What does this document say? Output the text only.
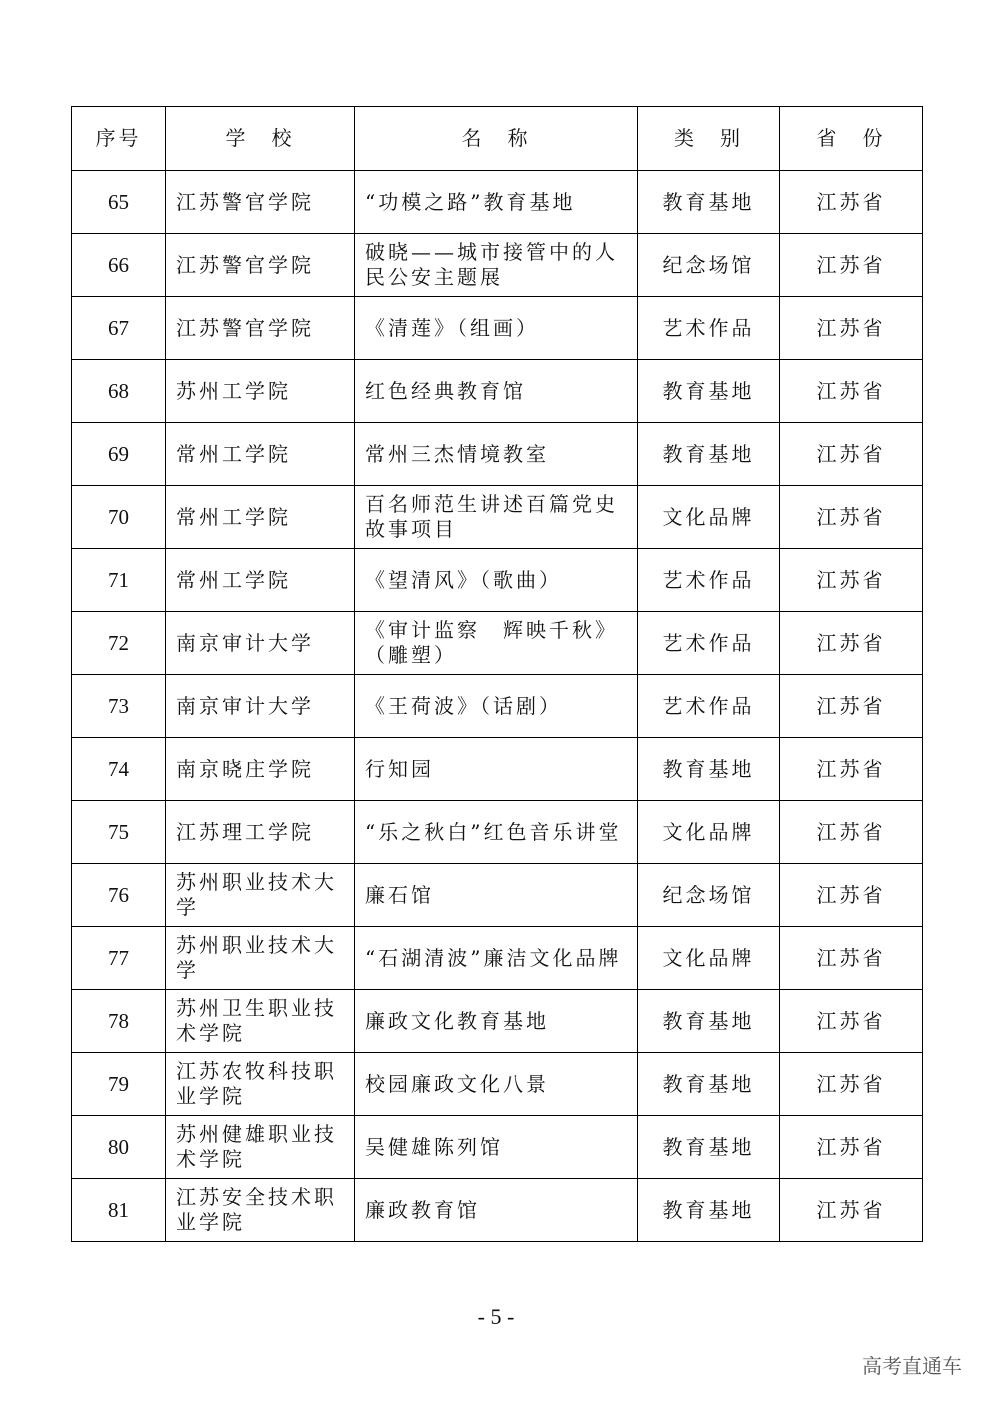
序号	学　校	名　称	类　别	省　份
65	江苏警官学院	“功模之路”教育基地	教育基地	江苏省
66	江苏警官学院	破晓——城市接管中的人民公安主题展	纪念场馆	江苏省
67	江苏警官学院	《清莲》（组画）	艺术作品	江苏省
68	苏州工学院	红色经典教育馆	教育基地	江苏省
69	常州工学院	常州三杰情境教室	教育基地	江苏省
70	常州工学院	百名师范生讲述百篇党史故事项目	文化品牌	江苏省
71	常州工学院	《望清风》（歌曲）	艺术作品	江苏省
72	南京审计大学	《审计监察　辉映千秋》（雕塑）	艺术作品	江苏省
73	南京审计大学	《王荷波》（话剧）	艺术作品	江苏省
74	南京晓庄学院	行知园	教育基地	江苏省
75	江苏理工学院	“乐之秋白”红色音乐讲堂	文化品牌	江苏省
76	苏州职业技术大学	廉石馆	纪念场馆	江苏省
77	苏州职业技术大学	“石湖清波”廉洁文化品牌	文化品牌	江苏省
78	苏州卫生职业技术学院	廉政文化教育基地	教育基地	江苏省
79	江苏农牧科技职业学院	校园廉政文化八景	教育基地	江苏省
80	苏州健雄职业技术学院	吴健雄陈列馆	教育基地	江苏省
81	江苏安全技术职业学院	廉政教育馆	教育基地	江苏省
- 5 -
高考直通车
